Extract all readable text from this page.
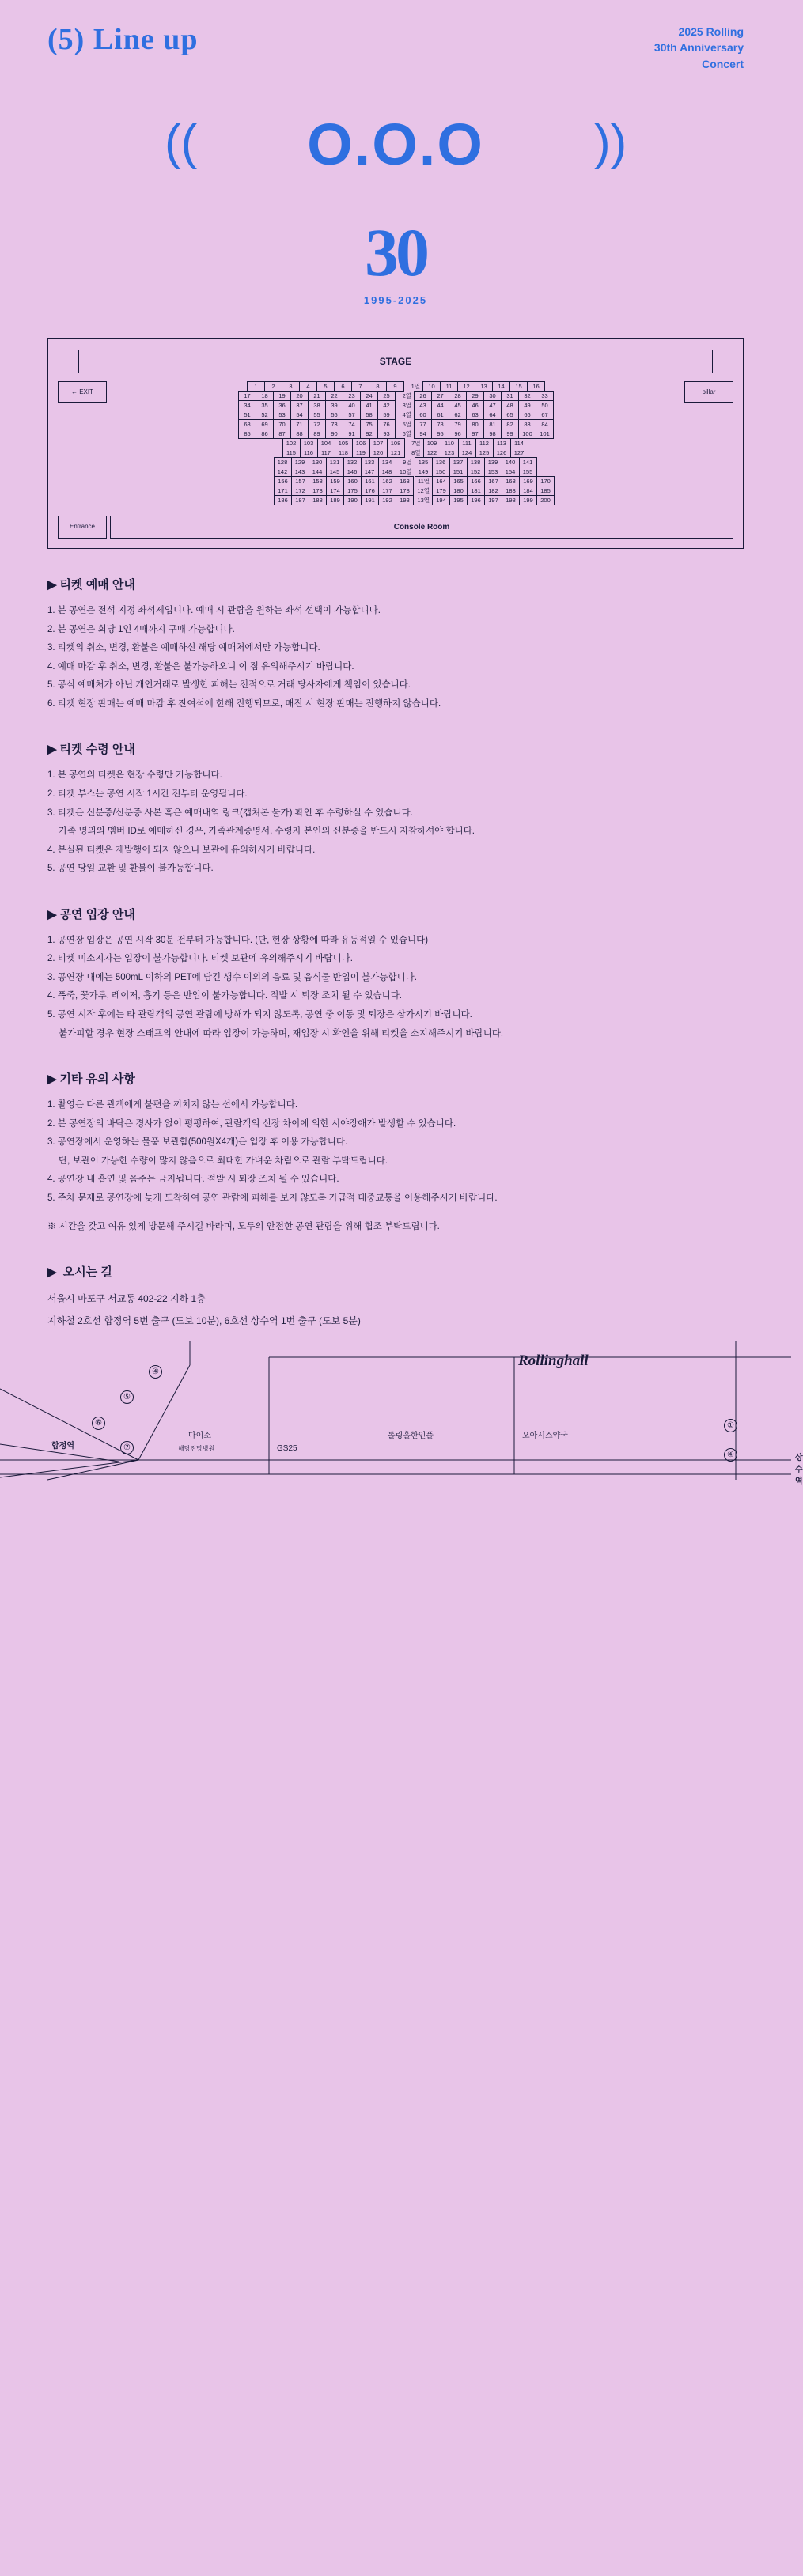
(5) Line up	2025 Rolling
30th Anniversary
Concert
((	((
O.O.O
30
1995-2025
STAGE
← EXIT
1	2	3	4	5	6	7	8	9	1열	10	11	12	13	14	15	16
17	18	19	20	21	22	23	24	25	2열	26	27	28	29	30	31	32	33
34	35	36	37	38	39	40	41	42	3열	43	44	45	46	47	48	49	50
51	52	53	54	55	56	57	58	59	4열	60	61	62	63	64	65	66	67
68	69	70	71	72	73	74	75	76	5열	77	78	79	80	81	82	83	84
85	86	87	88	89	90	91	92	93	6열	94	95	96	97	98	99	100	101
102	103	104	105	106	107	108	7열	109	110	111	112	113	114
115	116	117	118	119	120	121	8열	122	123	124	125	126	127
128	129	130	131	132	133	134	9열	135	136	137	138	139	140	141
142	143	144	145	146	147	148	10열	149	150	151	152	153	154	155
156	157	158	159	160	161	162	163	11열	164	165	166	167	168	169	170
171	172	173	174	175	176	177	178	12열	179	180	181	182	183	184	185
186	187	188	189	190	191	192	193	13열	194	195	196	197	198	199	200
pillar
Entrance	Console Room
▶ 티켓 예매 안내
1. 본 공연은 전석 지정 좌석제입니다. 예매 시 관람을 원하는 좌석 선택이 가능합니다.
2. 본 공연은 회당 1인 4매까지 구매 가능합니다.
3. 티켓의 취소, 변경, 환불은 예매하신 해당 예매처에서만 가능합니다.
4. 예매 마감 후 취소, 변경, 환불은 불가능하오니 이 점 유의해주시기 바랍니다.
5. 공식 예매처가 아닌 개인거래로 발생한 피해는 전적으로 거래 당사자에게 책임이 있습니다.
6. 티켓 현장 판매는 예매 마감 후 잔여석에 한해 진행되므로, 매진 시 현장 판매는 진행하지 않습니다.
▶ 티켓 수령 안내
1. 본 공연의 티켓은 현장 수령만 가능합니다.
2. 티켓 부스는 공연 시작 1시간 전부터 운영됩니다.
3. 티켓은 신분증/신분증 사본 혹은 예매내역 링크(캡쳐본 불가) 확인 후 수령하실 수 있습니다.
가족 명의의 멤버 ID로 예매하신 경우, 가족관계증명서, 수령자 본인의 신분증을 반드시 지참하셔야 합니다.
4. 분실된 티켓은 재발행이 되지 않으니 보관에 유의하시기 바랍니다.
5. 공연 당일 교환 및 환불이 불가능합니다.
▶ 공연 입장 안내
1. 공연장 입장은 공연 시작 30분 전부터 가능합니다. (단, 현장 상황에 따라 유동적일 수 있습니다)
2. 티켓 미소지자는 입장이 불가능합니다. 티켓 보관에 유의해주시기 바랍니다.
3. 공연장 내에는 500mL 이하의 PET에 담긴 생수 이외의 음료 및 음식물 반입이 불가능합니다.
4. 폭죽, 꽃가루, 레이저, 흉기 등은 반입이 불가능합니다. 적발 시 퇴장 조치 될 수 있습니다.
5. 공연 시작 후에는 타 관람객의 공연 관람에 방해가 되지 않도록, 공연 중 이동 및 퇴장은 삼가시기 바랍니다.
불가피할 경우 현장 스태프의 안내에 따라 입장이 가능하며, 재입장 시 확인을 위해 티켓을 소지해주시기 바랍니다.
▶ 기타 유의 사항
1. 촬영은 다른 관객에게 불편을 끼치지 않는 선에서 가능합니다.
2. 본 공연장의 바닥은 경사가 없이 평평하여, 관람객의 신장 차이에 의한 시야장애가 발생할 수 있습니다.
3. 공연장에서 운영하는 물품 보관함(500원X4개)은 입장 후 이용 가능합니다.
단, 보관이 가능한 수량이 많지 않음으로 최대한 가벼운 차림으로 관람 부탁드립니다.
4. 공연장 내 흡연 및 음주는 금지됩니다. 적발 시 퇴장 조치 될 수 있습니다.
5. 주차 문제로 공연장에 늦게 도착하여 공연 관람에 피해를 보지 않도록 가급적 대중교통을 이용해주시기 바랍니다.
※ 시간을 갖고 여유 있게 방문해 주시길 바라며, 모두의 안전한 공연 관람을 위해 협조 부탁드립니다.
▶ 오시는 길
서울시 마포구 서교동 402-22 지하 1층
지하철 2호선 합정역 5번 출구 (도보 10분), 6호선 상수역 1번 출구 (도보 5분)
Rollinghall
합정역
상수역
④
⑤
⑥
⑦
①
④
다이소
해당전망병원	GS25
롤링홀한인플	오아시스약국
